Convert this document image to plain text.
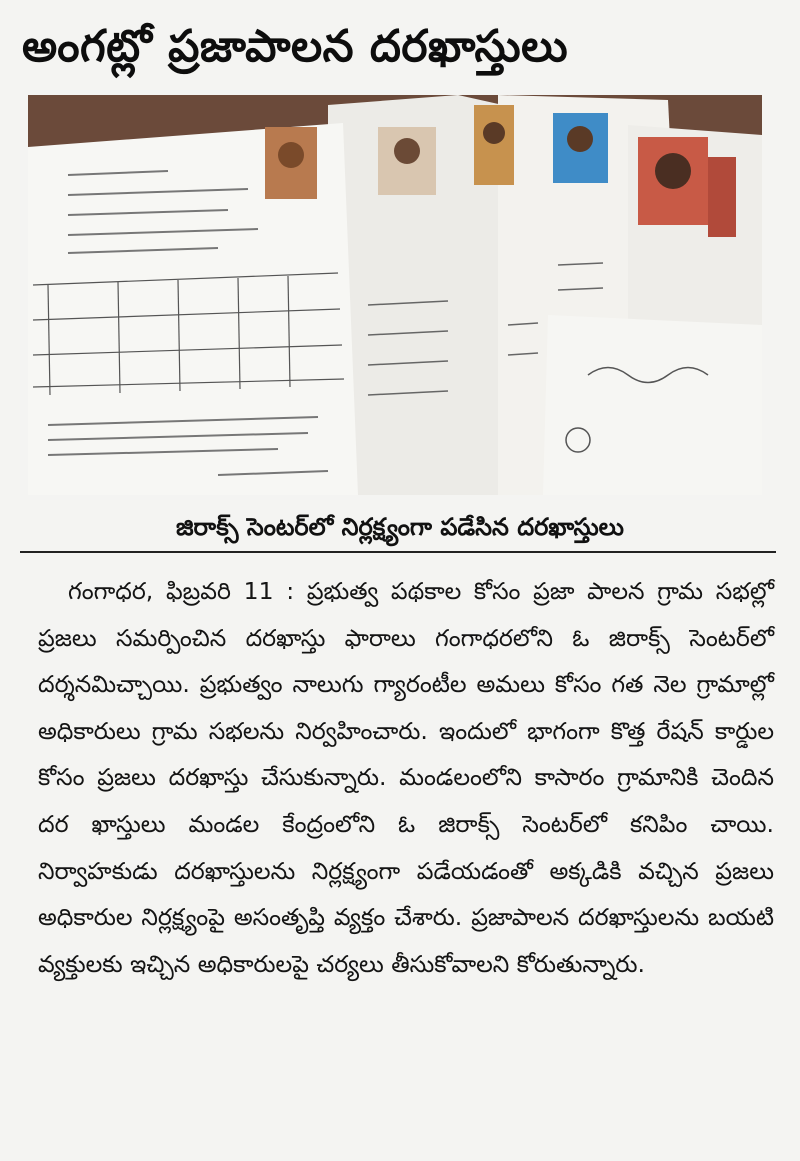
అంగట్లో ప్రజాపాలన దరఖాస్తులు
జిరాక్స్ సెంటర్‌లో నిర్లక్ష్యంగా పడేసిన దరఖాస్తులు

గంగాధర, ఫిబ్రవరి 11 : ప్రభుత్వ పథకాల కోసం ప్రజా పాలన గ్రామ సభల్లో ప్రజలు సమర్పించిన దరఖాస్తు ఫారాలు గంగాధరలోని ఓ జిరాక్స్ సెంటర్‌లో దర్శనమిచ్చాయి. ప్రభుత్వం నాలుగు గ్యారంటీల అమలు కోసం గత నెల గ్రామాల్లో అధికారులు గ్రామ సభలను నిర్వహించారు. ఇందులో భాగంగా కొత్త రేషన్ కార్డుల కోసం ప్రజలు దరఖాస్తు చేసుకున్నారు. మండలంలోని కాసారం గ్రామానికి చెందిన దర ఖాస్తులు మండల కేంద్రంలోని ఓ జిరాక్స్ సెంటర్‌లో కనిపిం చాయి. నిర్వాహకుడు దరఖాస్తులను నిర్లక్ష్యంగా పడేయడంతో అక్కడికి వచ్చిన ప్రజలు అధికారుల నిర్లక్ష్యంపై అసంతృప్తి వ్యక్తం చేశారు. ప్రజాపాలన దరఖాస్తులను బయటి వ్యక్తులకు ఇచ్చిన అధికారులపై చర్యలు తీసుకోవాలని కోరుతున్నారు.
